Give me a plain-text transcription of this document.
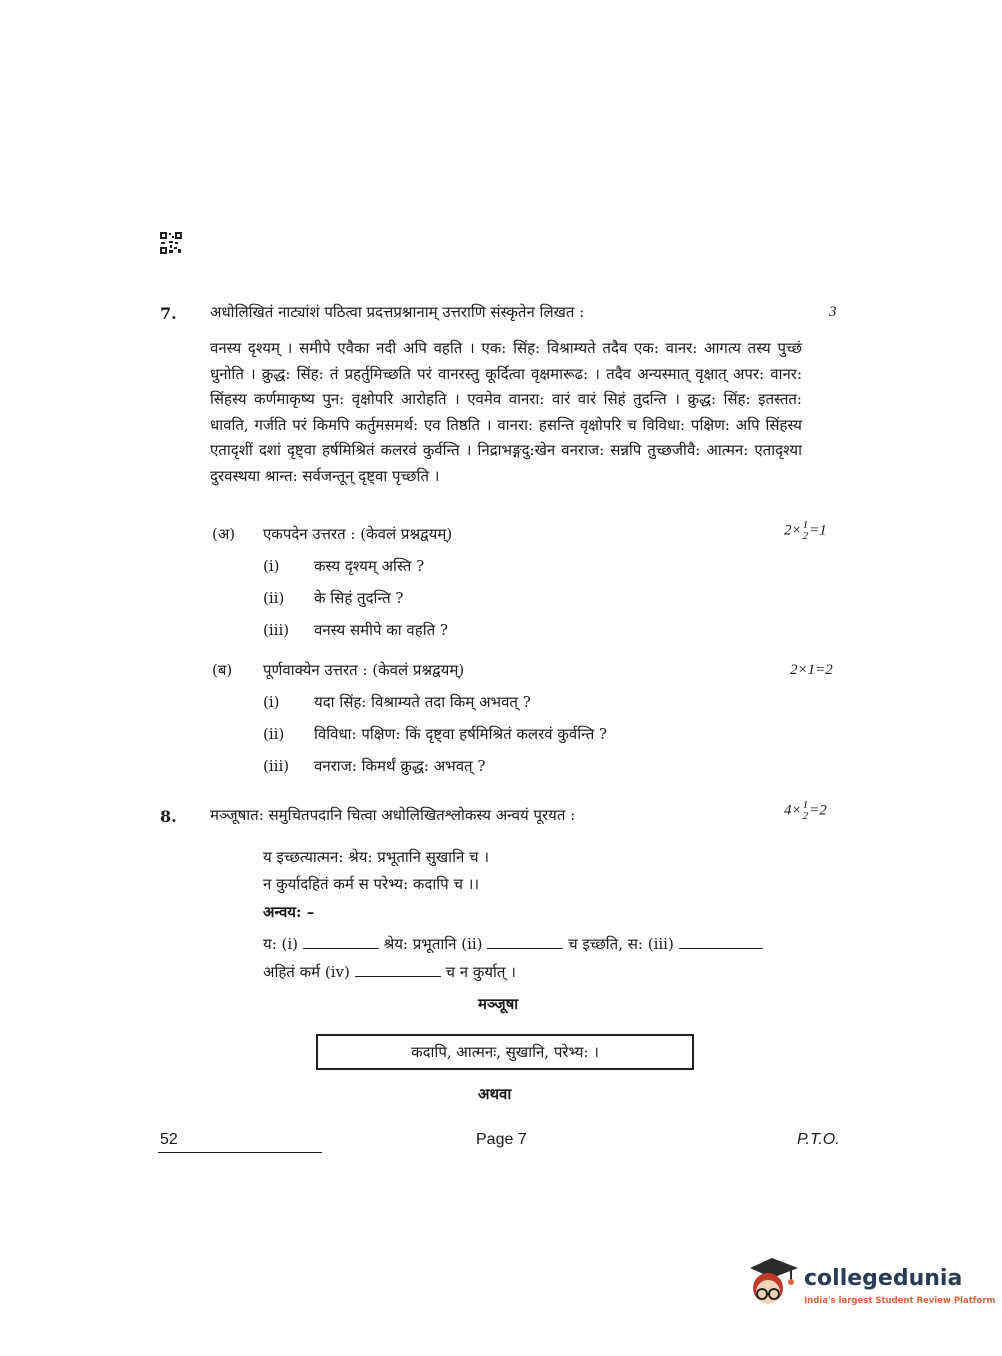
7. अधोलिखितं नाट्यांशं पठित्वा प्रदत्तप्रश्नानाम् उत्तराणि संस्कृतेन लिखत :	3

वनस्य दृश्यम् । समीपे एवैका नदी अपि वहति । एक: सिंह: विश्राम्यते तदैव एक: वानर: आगत्य तस्य पुच्छं धुनोति । क्रुद्ध: सिंह: तं प्रहर्तुमिच्छति परं वानरस्तु कूर्दित्वा वृक्षमारूढ: । तदैव अन्यस्मात् वृक्षात् अपर: वानर: सिंहस्य कर्णमाकृष्य पुन: वृक्षोपरि आरोहति । एवमेव वानरा: वारं वारं सिहं तुदन्ति । क्रुद्ध: सिंह: इतस्तत: धावति, गर्जति परं किमपि कर्तुमसमर्थ: एव तिष्ठति । वानरा: हसन्ति वृक्षोपरि च विविधा: पक्षिण: अपि सिंहस्य एतादृशीं दशां दृष्ट्वा हर्षमिश्रितं कलरवं कुर्वन्ति । निद्राभङ्गदु:खेन वनराज: सन्नपि तुच्छजीवै: आत्मन: एतादृश्या दुरवस्थया श्रान्त: सर्वजन्तून् दृष्ट्वा पृच्छति ।

(अ) एकपदेन उत्तरत : (केवलं प्रश्नद्वयम्)	2× 1
2 =1
(i) कस्य दृश्यम् अस्ति ?
(ii) के सिहं तुदन्ति ?
(iii) वनस्य समीपे का वहति ?
(ब) पूर्णवाक्येन उत्तरत : (केवलं प्रश्नद्वयम्)	2×1=2
(i) यदा सिंह: विश्राम्यते तदा किम् अभवत् ?
(ii) विविधा: पक्षिण: किं दृष्ट्वा हर्षमिश्रितं कलरवं कुर्वन्ति ?
(iii) वनराज: किमर्थं क्रुद्ध: अभवत् ?
8. मञ्जूषात: समुचितपदानि चित्वा अधोलिखितश्लोकस्य अन्वयं पूरयत :	4× 1
2 =2
य इच्छत्यात्मन: श्रेय: प्रभूतानि सुखानि च ।
न कुर्यादहितं कर्म स परेभ्य: कदापि च ।।
अन्वय: –
य: (i)	श्रेय: प्रभूतानि (ii)	च इच्छति, स: (iii)
अहितं कर्म (iv)	च न कुर्यात् ।
मञ्जूषा
कदापि, आत्मनः, सुखानि, परेभ्य: ।
अथवा
52	Page 7	P.T.O.
collegedunia
India's largest Student Review Platform
